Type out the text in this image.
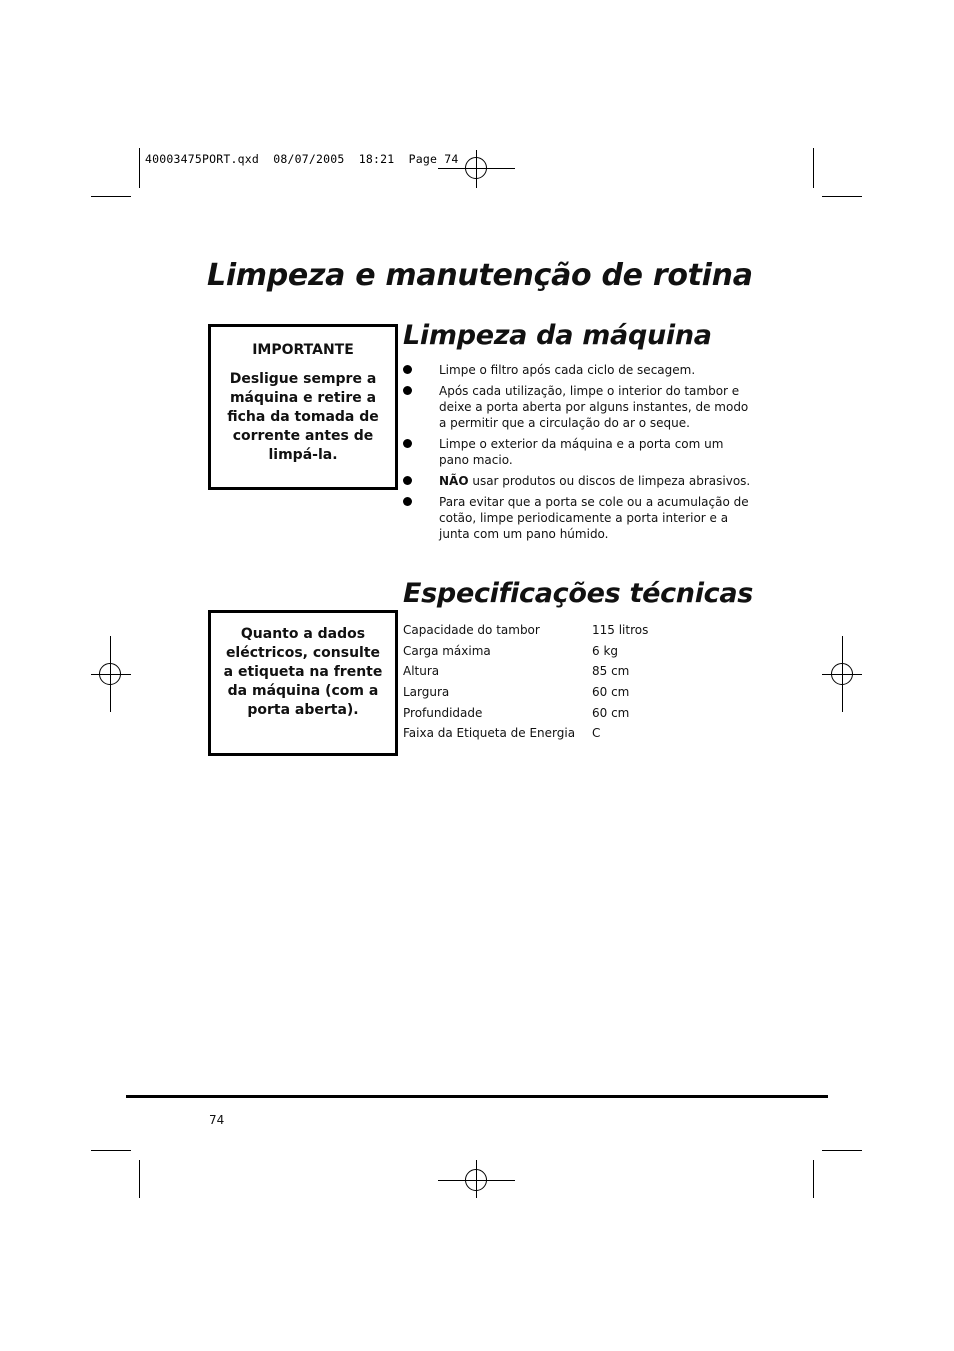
40003475PORT.qxd  08/07/2005  18:21  Page 74
Limpeza e manutenção de rotina

IMPORTANTE

Desligue sempre a máquina e retire a ficha da tomada de corrente antes de limpá-la.

Limpeza da máquina
Limpe o filtro após cada ciclo de secagem.
Após cada utilização, limpe o interior do tambor e deixe a porta aberta por alguns instantes, de modo a permitir que a circulação do ar o seque.
Limpe o exterior da máquina e a porta com um pano macio.
NÃO usar produtos ou discos de limpeza abrasivos.
Para evitar que a porta se cole ou a acumulação de cotão, limpe periodicamente a porta interior e a junta com um pano húmido.

Quanto a dados eléctricos, consulte a etiqueta na frente da máquina (com a porta aberta).

Especificações técnicas
Capacidade do tambor	115 litros
Carga máxima	6 kg
Altura	85 cm
Largura	60 cm
Profundidade	60 cm
Faixa da Etiqueta de Energia	C
74
